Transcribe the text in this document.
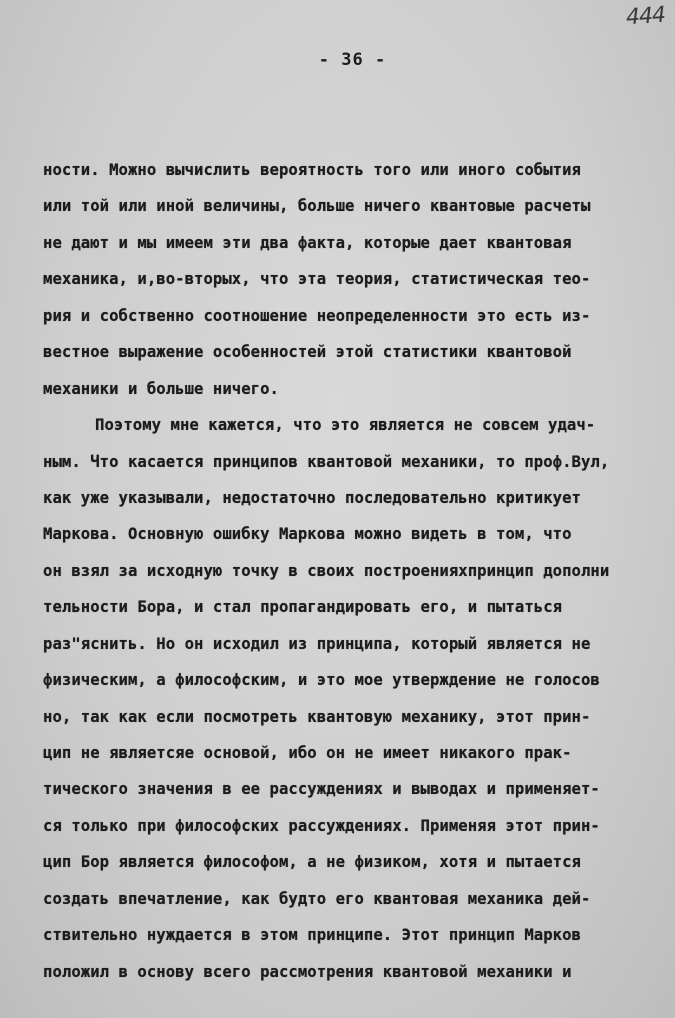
444
- 36 -
ности. Можно вычислить вероятность того или иного события
или той или иной величины, больше ничего квантовые расчеты
не дают и мы имеем эти два факта, которые дает квантовая
механика, и,во-вторых, что эта теория, статистическая тео-
рия и собственно соотношение неопределенности это есть из-
вестное выражение особенностей этой статистики квантовой
механики и больше ничего.
Поэтому мне кажется, что это является не совсем удач-
ным. Что касается принципов квантовой механики, то проф.Вул,
как уже указывали, недостаточно последовательно критикует
Маркова. Основную ошибку Маркова можно видеть в том, что
он взял за исходную точку в своих построенияхпринцип дополни
тельности Бора, и стал пропагандировать его, и пытаться
раз"яснить. Но он исходил из принципа, который является не
физическим, а философским, и это мое утверждение не голосов
но, так как если посмотреть квантовую механику, этот прин-
цип не являетсяе основой, ибо он не имеет никакого прак-
тического значения в ее рассуждениях и выводах и применяет-
ся только при философских рассуждениях. Применяя этот прин-
цип Бор является философом, а не физиком, хотя и пытается
создать впечатление, как будто его квантовая механика дей-
ствительно нуждается в этом принципе. Этот принцип Марков
положил в основу всего рассмотрения квантовой механики и
